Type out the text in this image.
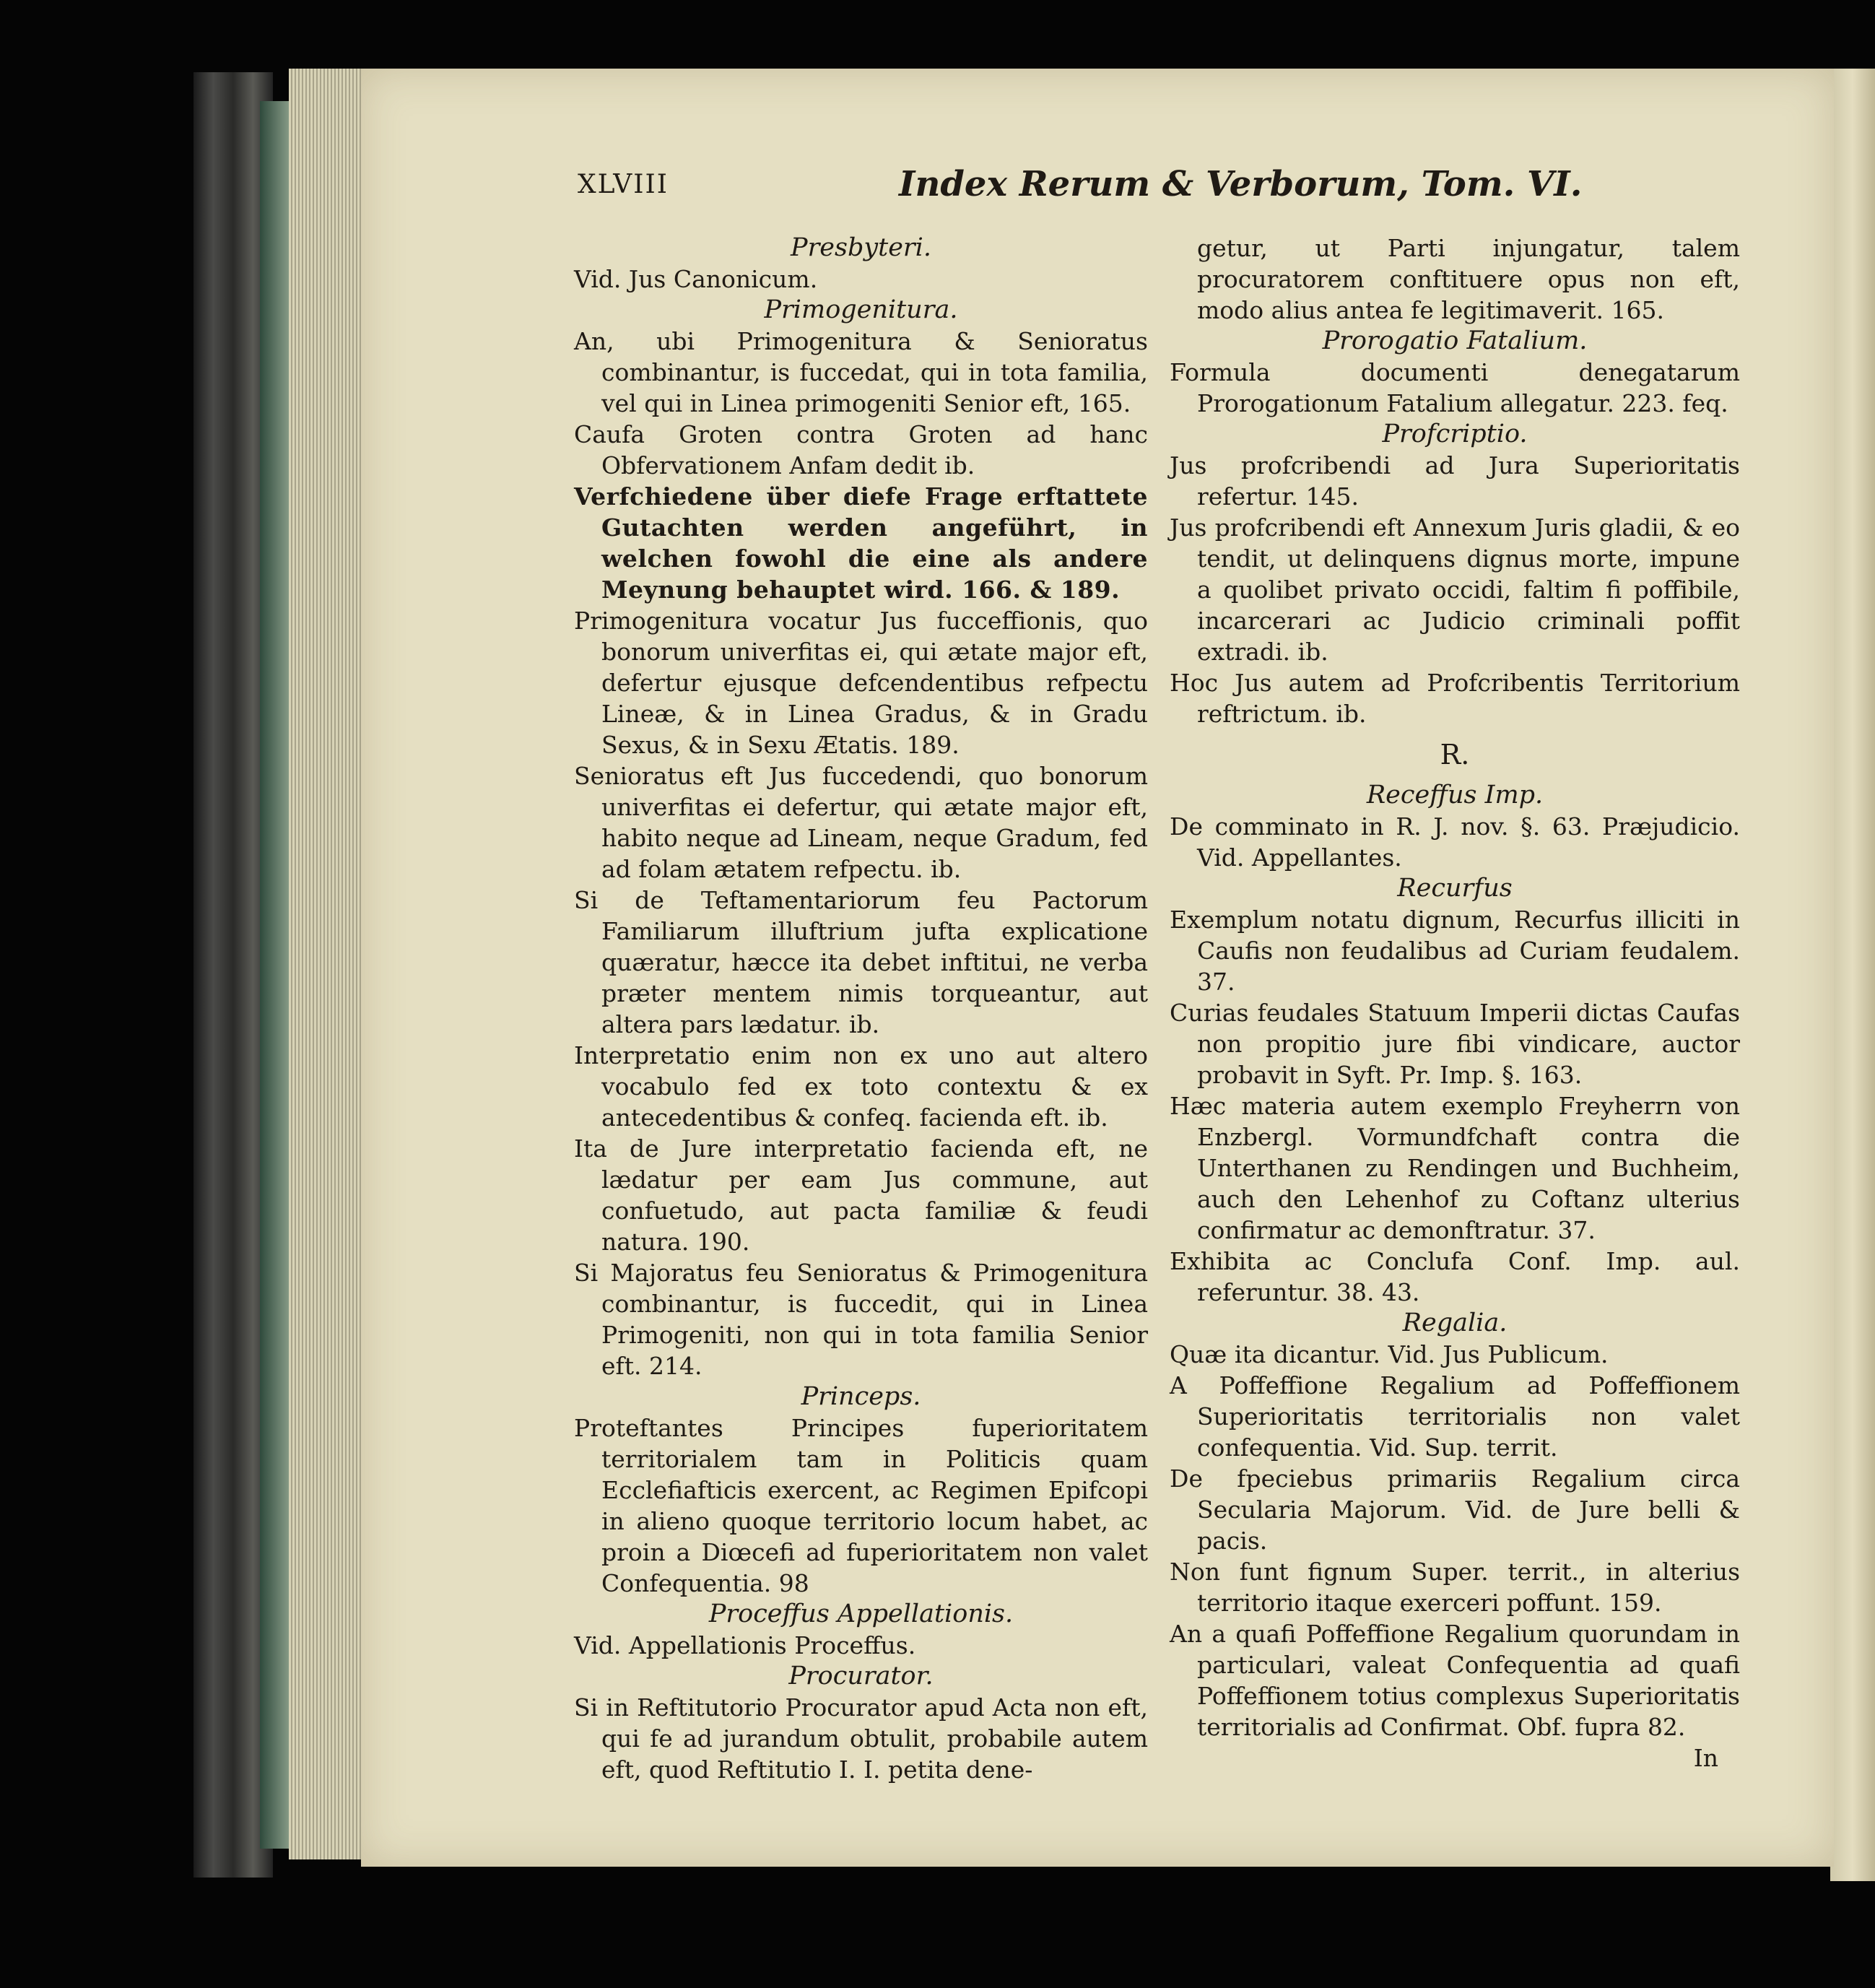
XLVIII	Index Rerum & Verborum, Tom. VI.

Presbyteri.

Vid. Jus Canonicum.

Primogenitura.

An, ubi Primogenitura & Senioratus combinantur, is fuccedat, qui in tota familia, vel qui in Linea primogeniti Senior eft, 165.

Caufa Groten contra Groten ad hanc Obfervationem Anfam dedit ib.

Verfchiedene über diefe Frage erftattete Gutachten werden angeführt, in welchen fowohl die eine als andere Meynung behauptet wird. 166. & 189.

Primogenitura vocatur Jus fucceffionis, quo bonorum univerfitas ei, qui ætate major eft, defertur ejusque defcendentibus refpectu Lineæ, & in Linea Gradus, & in Gradu Sexus, & in Sexu Ætatis. 189.

Senioratus eft Jus fuccedendi, quo bonorum univerfitas ei defertur, qui ætate major eft, habito neque ad Lineam, neque Gradum, fed ad folam ætatem refpectu. ib.

Si de Teftamentariorum feu Pactorum Familiarum illuftrium jufta explicatione quæratur, hæcce ita debet inftitui, ne verba præter mentem nimis torqueantur, aut altera pars lædatur. ib.

Interpretatio enim non ex uno aut altero vocabulo fed ex toto contextu & ex antecedentibus & confeq. facienda eft. ib.

Ita de Jure interpretatio facienda eft, ne lædatur per eam Jus commune, aut confuetudo, aut pacta familiæ & feudi natura. 190.

Si Majoratus feu Senioratus & Primogenitura combinantur, is fuccedit, qui in Linea Primogeniti, non qui in tota familia Senior eft. 214.

Princeps.

Proteftantes Principes fuperioritatem territorialem tam in Politicis quam Ecclefiafticis exercent, ac Regimen Epifcopi in alieno quoque territorio locum habet, ac proin a Diœcefi ad fuperioritatem non valet Confequentia. 98

Proceffus Appellationis.

Vid. Appellationis Proceffus.

Procurator.

Si in Reftitutorio Procurator apud Acta non eft, qui fe ad jurandum obtulit, probabile autem eft, quod Reftitutio I. I. petita dene-

getur, ut Parti injungatur, talem procuratorem conftituere opus non eft, modo alius antea fe legitimaverit. 165.

Prorogatio Fatalium.

Formula documenti denegatarum Prorogationum Fatalium allegatur. 223. feq.

Profcriptio.

Jus profcribendi ad Jura Superioritatis refertur. 145.

Jus profcribendi eft Annexum Juris gladii, & eo tendit, ut delinquens dignus morte, impune a quolibet privato occidi, faltim fi poffibile, incarcerari ac Judicio criminali poffit extradi. ib.

Hoc Jus autem ad Profcribentis Territorium reftrictum. ib.

R.

Receffus Imp.

De comminato in R. J. nov. §. 63. Præjudicio. Vid. Appellantes.

Recurfus

Exemplum notatu dignum, Recurfus illiciti in Caufis non feudalibus ad Curiam feudalem. 37.

Curias feudales Statuum Imperii dictas Caufas non propitio jure fibi vindicare, auctor probavit in Syft. Pr. Imp. §. 163.

Hæc materia autem exemplo Freyherrn von Enzbergl. Vormundfchaft contra die Unterthanen zu Rendingen und Buchheim, auch den Lehenhof zu Coftanz ulterius confirmatur ac demonftratur. 37.

Exhibita ac Conclufa Conf. Imp. aul. referuntur. 38. 43.

Regalia.

Quæ ita dicantur. Vid. Jus Publicum.

A Poffeffione Regalium ad Poffeffionem Superioritatis territorialis non valet confequentia. Vid. Sup. territ.

De fpeciebus primariis Regalium circa Secularia Majorum. Vid. de Jure belli & pacis.

Non funt fignum Super. territ., in alterius territorio itaque exerceri poffunt. 159.

An a quafi Poffeffione Regalium quorundam in particulari, valeat Confequentia ad quafi Poffeffionem totius complexus Superioritatis territorialis ad Confirmat. Obf. fupra 82.

In
